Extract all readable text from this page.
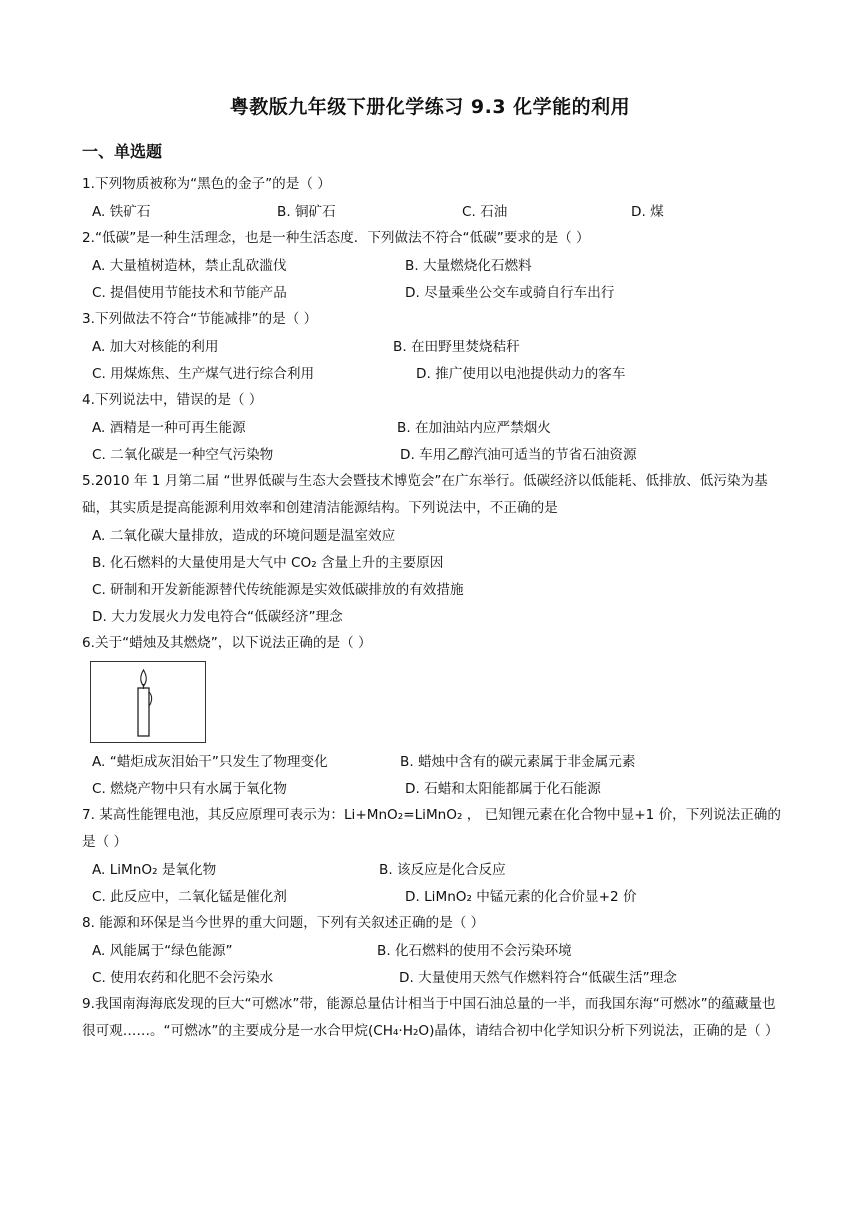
粤教版九年级下册化学练习 9.3 化学能的利用
一、单选题
1.下列物质被称为“黑色的金子”的是（ ）
A. 铁矿石	B. 铜矿石	C. 石油	D. 煤
2.“低碳”是一种生活理念，也是一种生活态度．下列做法不符合“低碳”要求的是（ ）
A. 大量植树造林，禁止乱砍滥伐	B. 大量燃烧化石燃料
C. 提倡使用节能技术和节能产品	D. 尽量乘坐公交车或骑自行车出行
3.下列做法不符合“节能减排”的是（ ）
A. 加大对核能的利用	B. 在田野里焚烧秸秆
C. 用煤炼焦、生产煤气进行综合利用	D. 推广使用以电池提供动力的客车
4.下列说法中，错误的是（ ）
A. 酒精是一种可再生能源	B. 在加油站内应严禁烟火
C. 二氧化碳是一种空气污染物	D. 车用乙醇汽油可适当的节省石油资源
5.2010 年 1 月第二届 “世界低碳与生态大会暨技术博览会”在广东举行。低碳经济以低能耗、低排放、低污染为基础，其实质是提高能源利用效率和创建清洁能源结构。下列说法中，不正确的是
A. 二氧化碳大量排放，造成的环境问题是温室效应
B. 化石燃料的大量使用是大气中 CO₂ 含量上升的主要原因
C. 研制和开发新能源替代传统能源是实效低碳排放的有效措施
D. 大力发展火力发电符合“低碳经济”理念
6.关于“蜡烛及其燃烧”，以下说法正确的是（ ）
A. “蜡炬成灰泪始干”只发生了物理变化	B. 蜡烛中含有的碳元素属于非金属元素
C. 燃烧产物中只有水属于氧化物	D. 石蜡和太阳能都属于化石能源
7. 某高性能锂电池，其反应原理可表示为：Li+MnO₂=LiMnO₂ ， 已知锂元素在化合物中显+1 价，下列说法正确的是（ ）
A. LiMnO₂ 是氧化物	B. 该反应是化合反应
C. 此反应中，二氧化锰是催化剂	D. LiMnO₂ 中锰元素的化合价显+2 价
8. 能源和环保是当今世界的重大问题，下列有关叙述正确的是（ ）
A. 风能属于“绿色能源”	B. 化石燃料的使用不会污染环境
C. 使用农药和化肥不会污染水	D. 大量使用天然气作燃料符合“低碳生活”理念
9.我国南海海底发现的巨大“可燃冰”带，能源总量估计相当于中国石油总量的一半，而我国东海“可燃冰”的蕴藏量也很可观……。“可燃冰”的主要成分是一水合甲烷(CH₄·H₂O)晶体，请结合初中化学知识分析下列说法，正确的是（ ）
